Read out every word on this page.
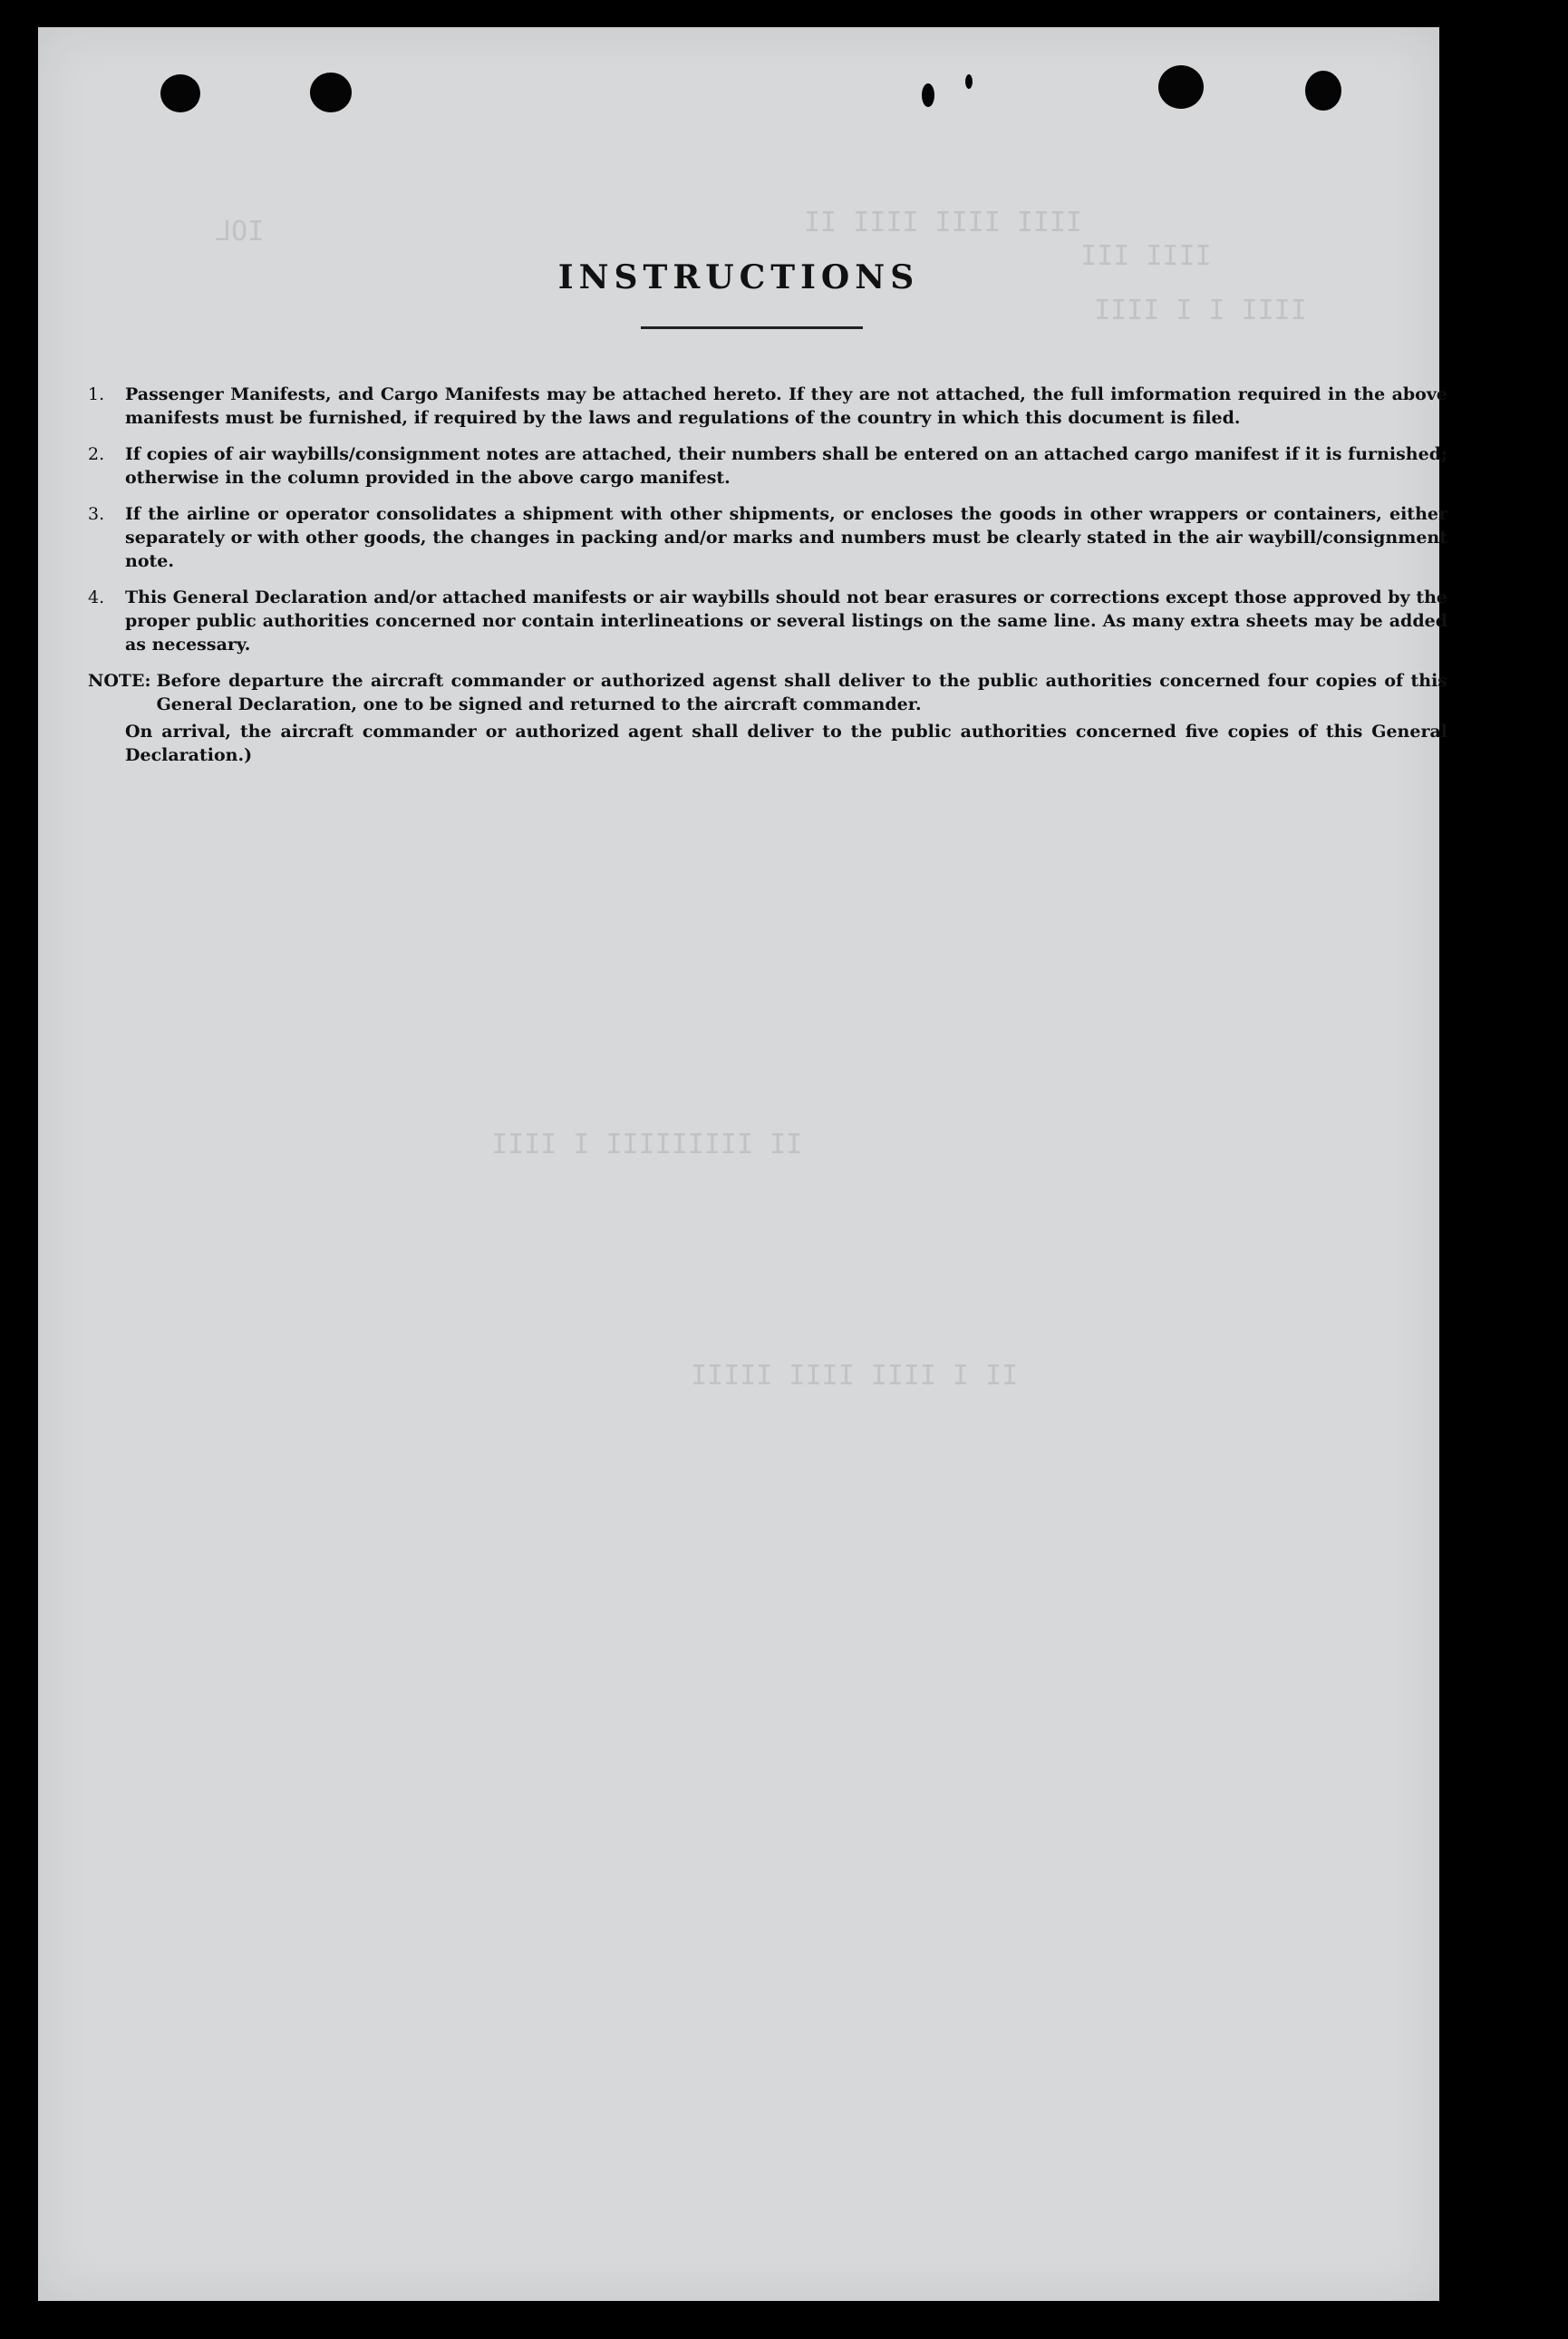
IOL	IIII IIII IIII II
IIII III
IIII I I IIII
II IIIIIIIII I IIII
II I IIII IIII IIIII
INSTRUCTIONS
1.	Passenger Manifests, and Cargo Manifests may be attached hereto. If they are not attached, the full imformation required in the above manifests must be furnished, if required by the laws and regulations of the country in which this document is filed.
2.	If copies of air waybills/consignment notes are attached, their numbers shall be entered on an attached cargo manifest if it is furnished; otherwise in the column provided in the above cargo manifest.
3.	If the airline or operator consolidates a shipment with other shipments, or encloses the goods in other wrappers or containers, either separately or with other goods, the changes in packing and/or marks and numbers must be clearly stated in the air waybill/consignment note.
4.	This General Declaration and/or attached manifests or air waybills should not bear erasures or corrections except those approved by the proper public authorities concerned nor contain interlineations or several listings on the same line. As many extra sheets may be added as necessary.
NOTE: Before departure the aircraft commander or authorized agenst shall deliver to the public authorities concerned four copies of this General Declaration, one to be signed and returned to the aircraft commander.
On arrival, the aircraft commander or authorized agent shall deliver to the public authorities concerned five copies of this General Declaration.)
